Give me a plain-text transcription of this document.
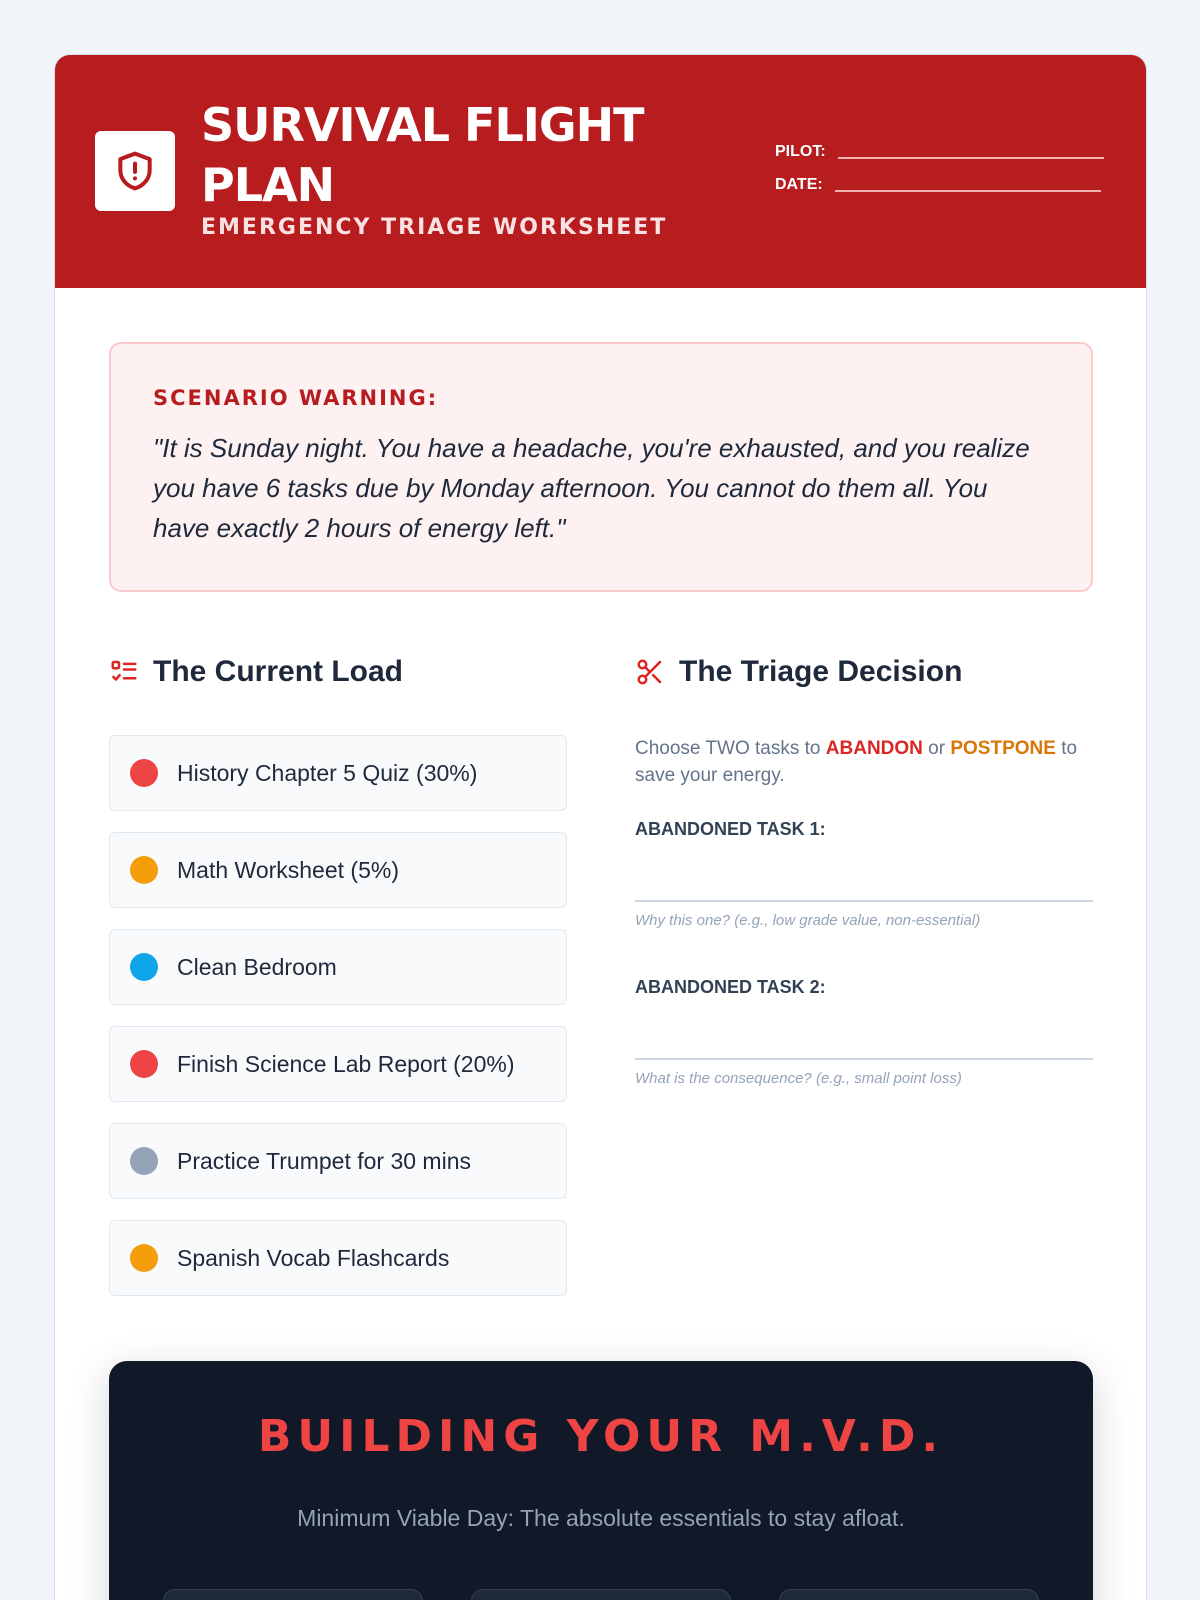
SURVIVAL FLIGHT PLAN
EMERGENCY TRIAGE WORKSHEET
PILOT:
DATE:
SCENARIO WARNING:
"It is Sunday night. You have a headache, you're exhausted, and you realize you have 6 tasks due by Monday afternoon. You cannot do them all. You have exactly 2 hours of energy left."
The Current Load
History Chapter 5 Quiz (30%)
Math Worksheet (5%)
Clean Bedroom
Finish Science Lab Report (20%)
Practice Trumpet for 30 mins
Spanish Vocab Flashcards
The Triage Decision
Choose TWO tasks to ABANDON or POSTPONE to save your energy.
ABANDONED TASK 1:
Why this one? (e.g., low grade value, non-essential)
ABANDONED TASK 2:
What is the consequence? (e.g., small point loss)
BUILDING YOUR M.V.D.
Minimum Viable Day: The absolute essentials to stay afloat.
